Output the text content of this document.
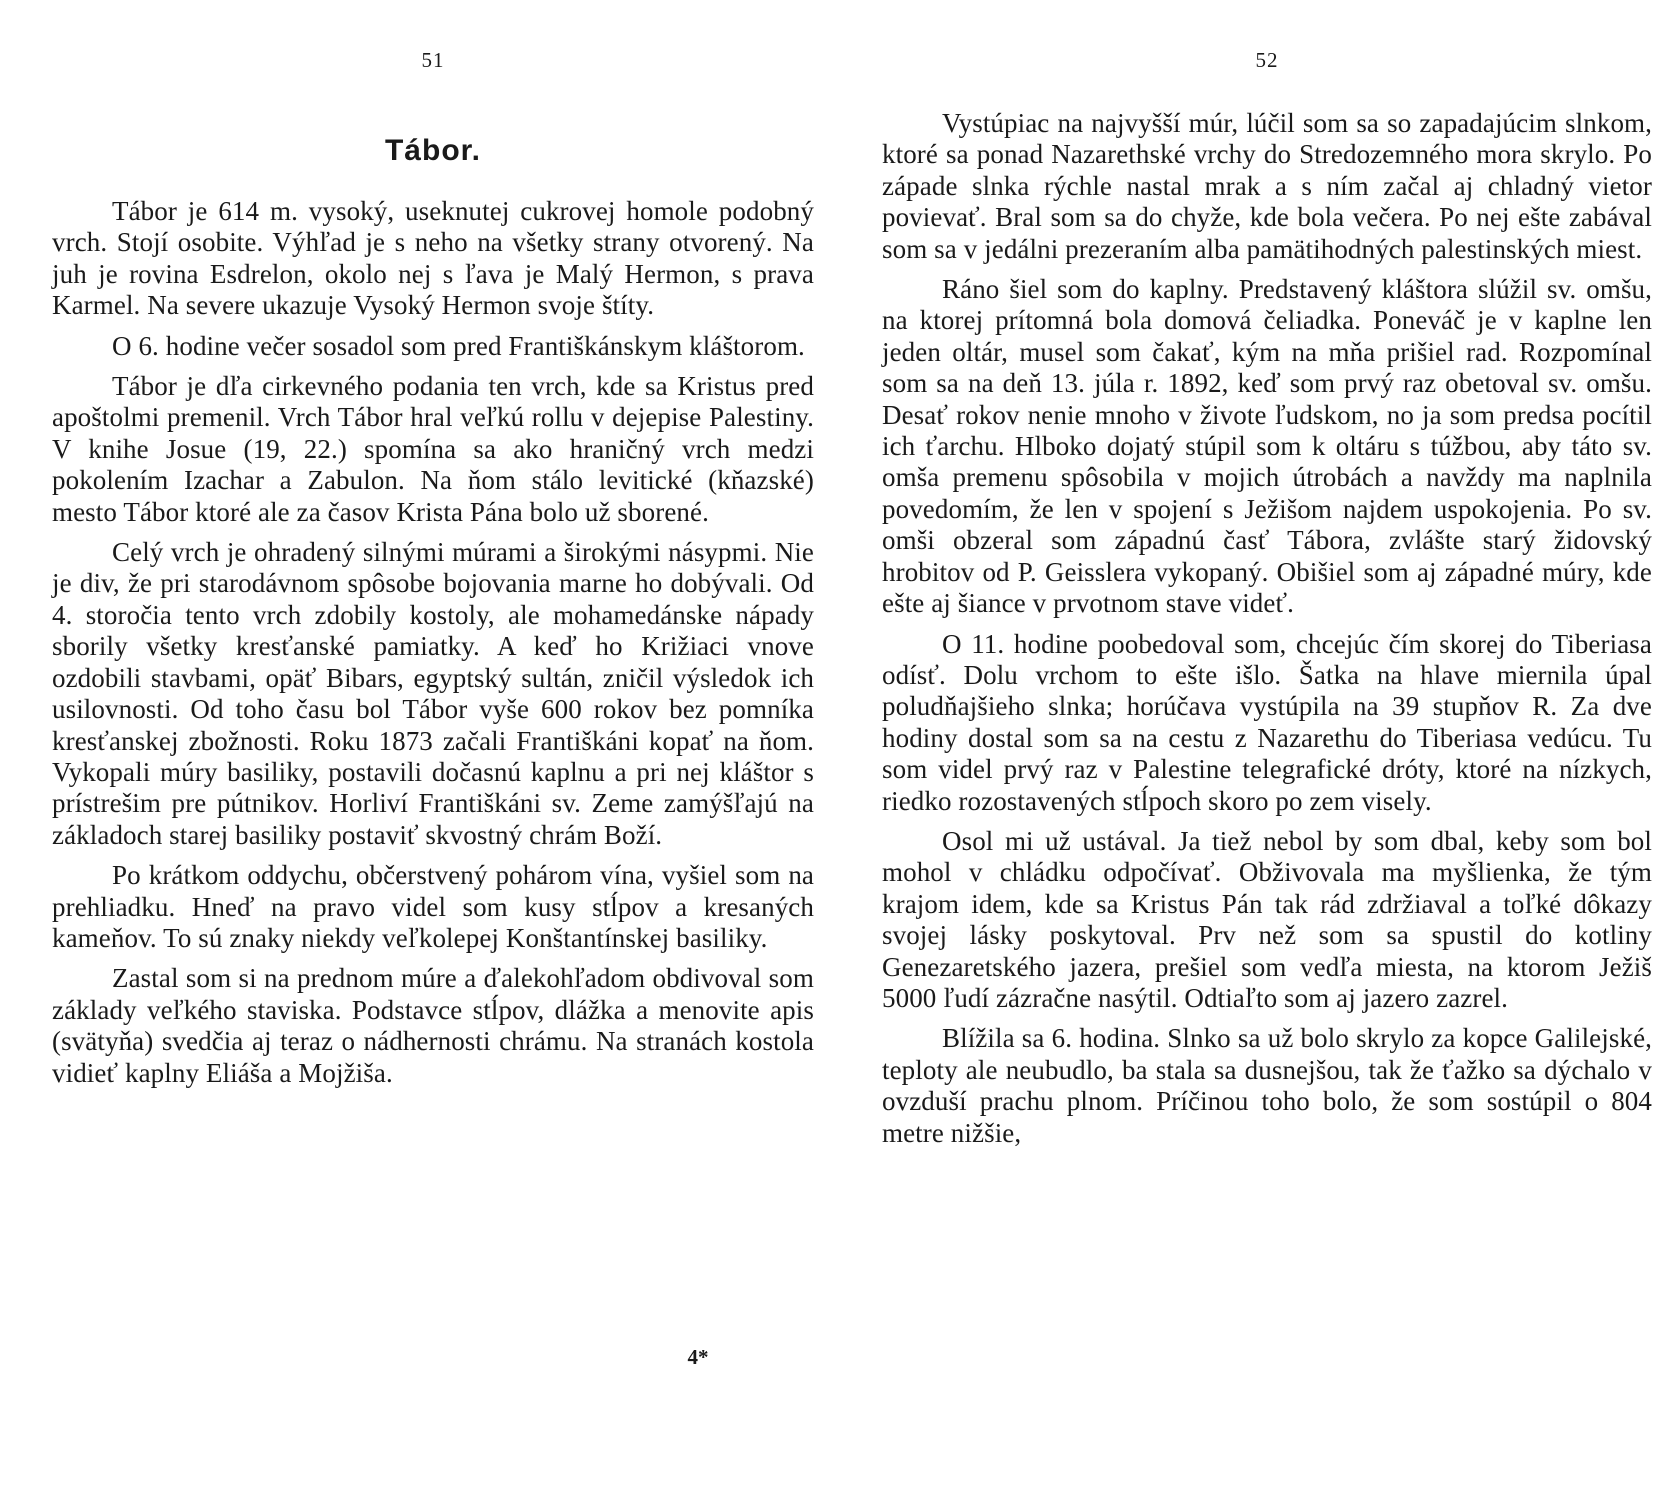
51
Tábor.

Tábor je 614 m. vysoký, useknutej cukrovej homole podobný vrch. Stojí osobite. Výhľad je s neho na všetky strany otvorený. Na juh je rovina Esdrelon, okolo nej s ľava je Malý Hermon, s prava Karmel. Na severe ukazuje Vysoký Hermon svoje štíty.

O 6. hodine večer sosadol som pred Františkánskym kláštorom.

Tábor je dľa cirkevného podania ten vrch, kde sa Kristus pred apoštolmi premenil. Vrch Tábor hral veľkú rollu v dejepise Palestiny. V knihe Josue (19, 22.) spomína sa ako hraničný vrch medzi pokolením Izachar a Zabulon. Na ňom stálo levitické (kňazské) mesto Tábor ktoré ale za časov Krista Pána bolo už sborené.

Celý vrch je ohradený silnými múrami a širokými násypmi. Nie je div, že pri starodávnom spôsobe bojovania marne ho dobývali. Od 4. storočia tento vrch zdobily kostoly, ale mohamedánske nápady sborily všetky kresťanské pamiatky. A keď ho Križiaci vnove ozdobili stavbami, opäť Bibars, egyptský sultán, zničil výsledok ich usilovnosti. Od toho času bol Tábor vyše 600 rokov bez pomníka kresťanskej zbožnosti. Roku 1873 začali Františkáni kopať na ňom. Vykopali múry basiliky, postavili dočasnú kaplnu a pri nej kláštor s prístrešim pre pútnikov. Horliví Františkáni sv. Zeme zamýšľajú na základoch starej basiliky postaviť skvostný chrám Boží.

Po krátkom oddychu, občerstvený pohárom vína, vyšiel som na prehliadku. Hneď na pravo videl som kusy stĺpov a kresaných kameňov. To sú znaky niekdy veľkolepej Konštantínskej basiliky.

Zastal som si na prednom múre a ďalekohľadom obdivoval som základy veľkého staviska. Podstavce stĺpov, dlážka a menovite apis (svätyňa) svedčia aj teraz o nádhernosti chrámu. Na stranách kostola vidieť kaplny Eliáša a Mojžiša.

4*
52

Vystúpiac na najvyšší múr, lúčil som sa so zapadajúcim slnkom, ktoré sa ponad Nazarethské vrchy do Stredozemného mora skrylo. Po západe slnka rýchle nastal mrak a s ním začal aj chladný vietor povievať. Bral som sa do chyže, kde bola večera. Po nej ešte zabával som sa v jedálni prezeraním alba pamätihodných palestinských miest.

Ráno šiel som do kaplny. Predstavený kláštora slúžil sv. omšu, na ktorej prítomná bola domová čeliadka. Poneváč je v kaplne len jeden oltár, musel som čakať, kým na mňa prišiel rad. Rozpomínal som sa na deň 13. júla r. 1892, keď som prvý raz obetoval sv. omšu. Desať rokov nenie mnoho v živote ľudskom, no ja som predsa pocítil ich ťarchu. Hlboko dojatý stúpil som k oltáru s túžbou, aby táto sv. omša premenu spôsobila v mojich útrobách a navždy ma naplnila povedomím, že len v spojení s Ježišom najdem uspokojenia. Po sv. omši obzeral som západnú časť Tábora, zvlášte starý židovský hrobitov od P. Geisslera vykopaný. Obišiel som aj západné múry, kde ešte aj šiance v prvotnom stave videť.

O 11. hodine poobedoval som, chcejúc čím skorej do Tiberiasa odísť. Dolu vrchom to ešte išlo. Šatka na hlave miernila úpal poludňajšieho slnka; horúčava vystúpila na 39 stupňov R. Za dve hodiny dostal som sa na cestu z Nazarethu do Tiberiasa vedúcu. Tu som videl prvý raz v Palestine telegrafické dróty, ktoré na nízkych, riedko rozostavených stĺpoch skoro po zem visely.

Osol mi už ustával. Ja tiež nebol by som dbal, keby som bol mohol v chládku odpočívať. Obživovala ma myšlienka, že tým krajom idem, kde sa Kristus Pán tak rád zdržiaval a toľké dôkazy svojej lásky poskytoval. Prv než som sa spustil do kotliny Genezaretského jazera, prešiel som vedľa miesta, na ktorom Ježiš 5000 ľudí zázračne nasýtil. Odtiaľto som aj jazero zazrel.

Blížila sa 6. hodina. Slnko sa už bolo skrylo za kopce Galilejské, teploty ale neubudlo, ba stala sa dusnejšou, tak že ťažko sa dýchalo v ovzduší prachu plnom. Príčinou toho bolo, že som sostúpil o 804 metre nižšie,
